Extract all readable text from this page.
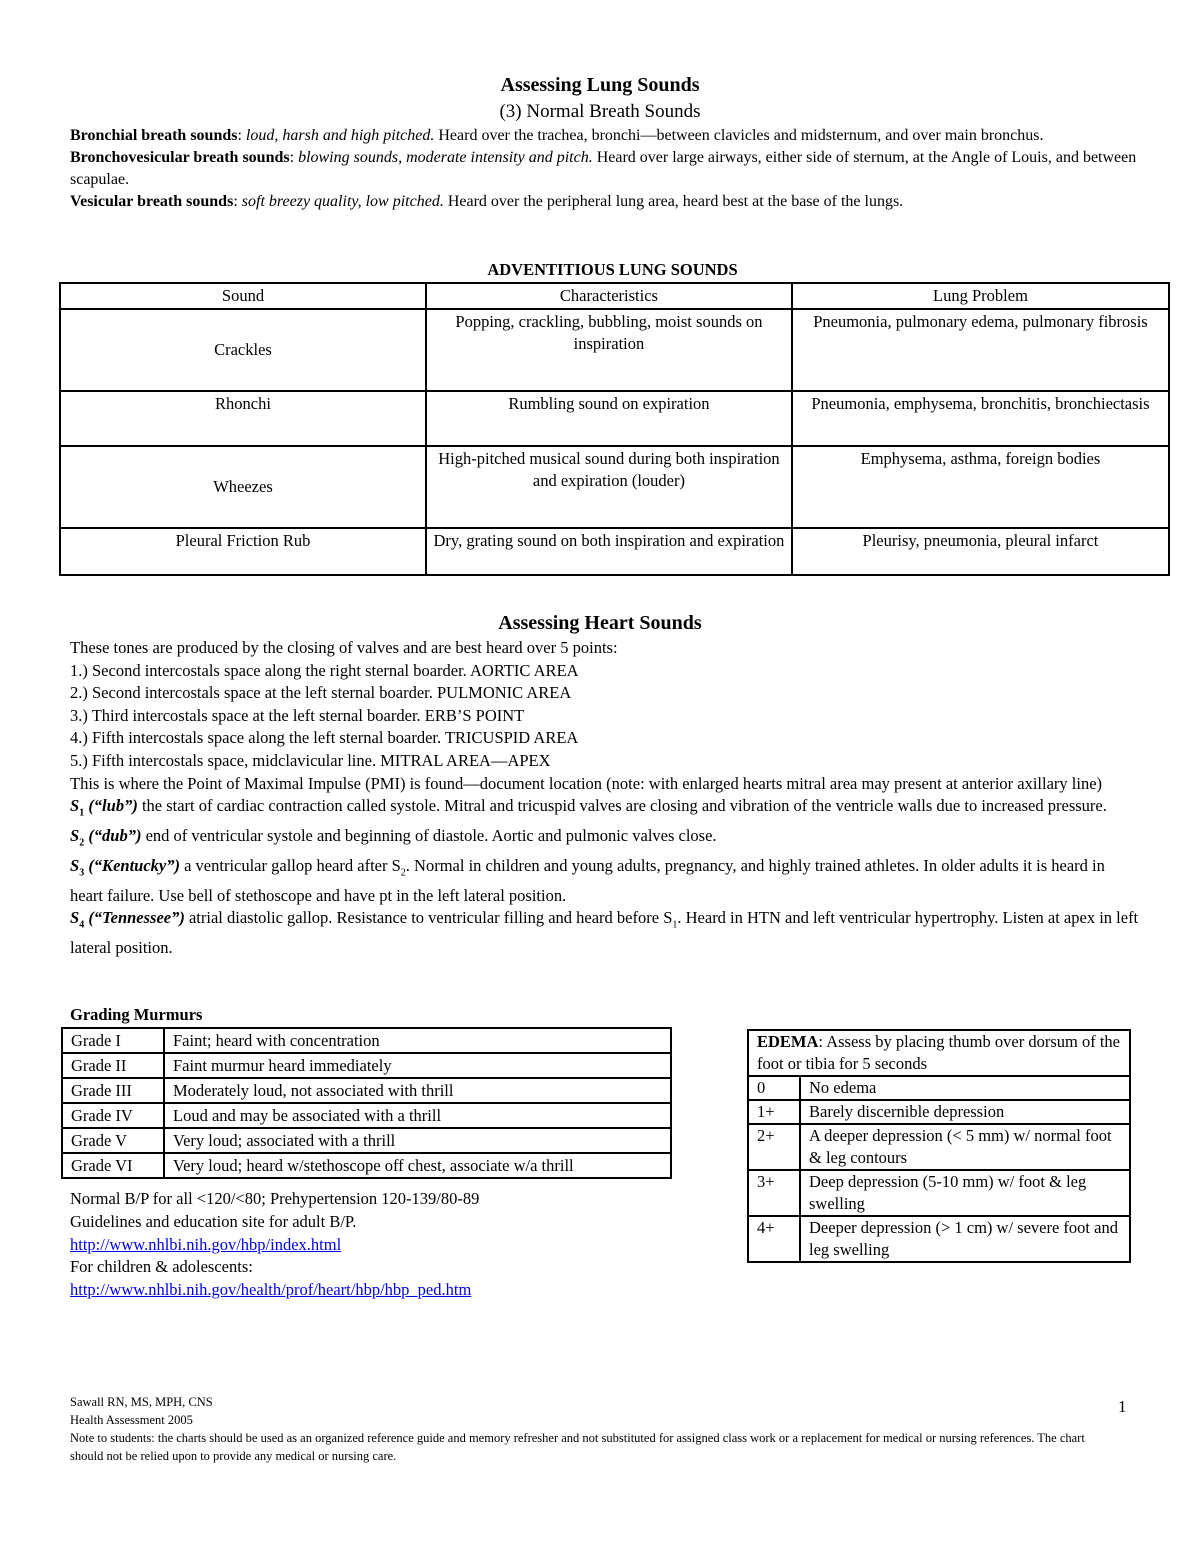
Assessing Lung Sounds
(3) Normal Breath Sounds
Bronchial breath sounds: loud, harsh and high pitched. Heard over the trachea, bronchi—between clavicles and midsternum, and over main bronchus.
Bronchovesicular breath sounds: blowing sounds, moderate intensity and pitch. Heard over large airways, either side of sternum, at the Angle of Louis, and between scapulae.
Vesicular breath sounds: soft breezy quality, low pitched. Heard over the peripheral lung area, heard best at the base of the lungs.
ADVENTITIOUS LUNG SOUNDS
Sound	Characteristics	Lung Problem
Crackles	Popping, crackling, bubbling, moist sounds on inspiration	Pneumonia, pulmonary edema, pulmonary fibrosis
Rhonchi	Rumbling sound on expiration	Pneumonia, emphysema, bronchitis, bronchiectasis
Wheezes	High-pitched musical sound during both inspiration and expiration (louder)	Emphysema, asthma, foreign bodies
Pleural Friction Rub	Dry, grating sound on both inspiration and expiration	Pleurisy, pneumonia, pleural infarct
Assessing Heart Sounds
These tones are produced by the closing of valves and are best heard over 5 points:
1.) Second intercostals space along the right sternal boarder. AORTIC AREA
2.) Second intercostals space at the left sternal boarder. PULMONIC AREA
3.) Third intercostals space at the left sternal boarder. ERB’S POINT
4.) Fifth intercostals space along the left sternal boarder. TRICUSPID AREA
5.) Fifth intercostals space, midclavicular line. MITRAL AREA—APEX
This is where the Point of Maximal Impulse (PMI) is found—document location (note: with enlarged hearts mitral area may present at anterior axillary line)
$S_1$ (“lub”) the start of cardiac contraction called systole. Mitral and tricuspid valves are closing and vibration of the ventricle walls due to increased pressure.
$S_2$ (“dub”) end of ventricular systole and beginning of diastole. Aortic and pulmonic valves close.
$S_3$ (“Kentucky”) a ventricular gallop heard after $S_2$. Normal in children and young adults, pregnancy, and highly trained athletes. In older adults it is heard in heart failure. Use bell of stethoscope and have pt in the left lateral position.
$S_4$ (“Tennessee”) atrial diastolic gallop. Resistance to ventricular filling and heard before $S_1$. Heard in HTN and left ventricular hypertrophy. Listen at apex in left lateral position.
Grading Murmurs
Grade I	Faint; heard with concentration
Grade II	Faint murmur heard immediately
Grade III	Moderately loud, not associated with thrill
Grade IV	Loud and may be associated with a thrill
Grade V	Very loud; associated with a thrill
Grade VI	Very loud; heard w/stethoscope off chest, associate w/a thrill
Normal B/P for all <120/<80; Prehypertension 120-139/80-89
Guidelines and education site for adult B/P.
http://www.nhlbi.nih.gov/hbp/index.html
For children & adolescents:
http://www.nhlbi.nih.gov/health/prof/heart/hbp/hbp_ped.htm
EDEMA: Assess by placing thumb over dorsum of the foot or tibia for 5 seconds	
0	No edema
1+	Barely discernible depression
2+	A deeper depression (< 5 mm) w/ normal foot & leg contours
3+	Deep depression (5-10 mm) w/ foot & leg swelling
4+	Deeper depression (> 1 cm) w/ severe foot and leg swelling
Sawall RN, MS, MPH, CNS
Health Assessment 2005
Note to students: the charts should be used as an organized reference guide and memory refresher and not substituted for assigned class work or a replacement for medical or nursing references. The chart should not be relied upon to provide any medical or nursing care.
1
